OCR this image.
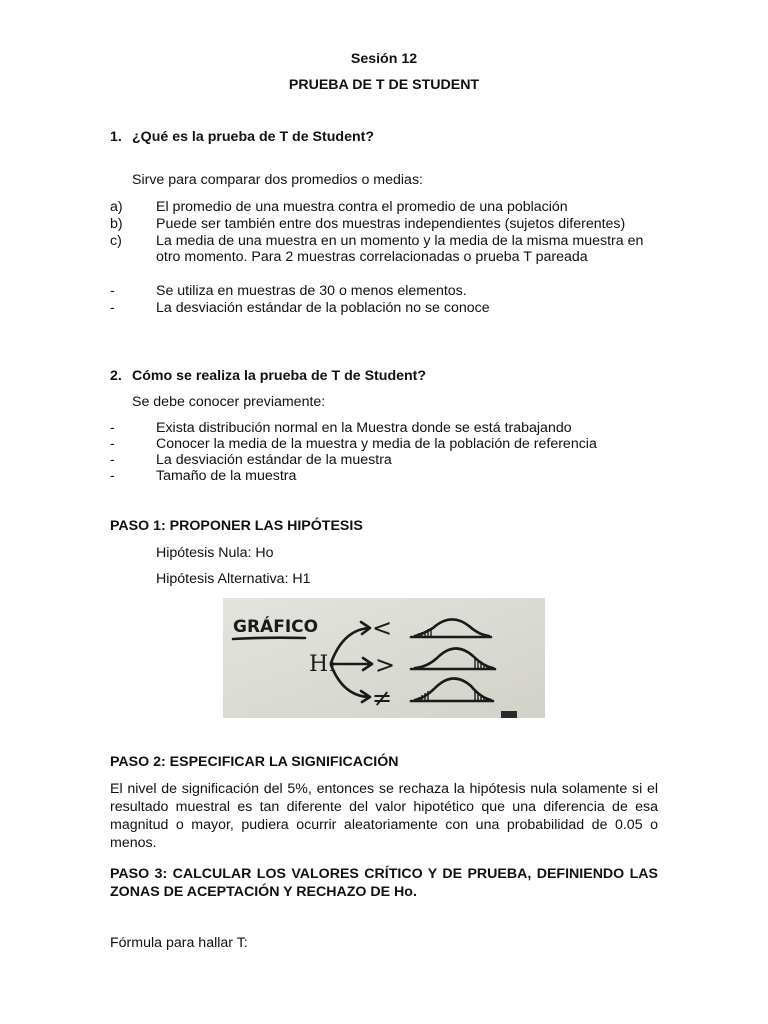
Sesión 12
PRUEBA DE T DE STUDENT
1. ¿Qué es la prueba de T de Student?
Sirve para comparar dos promedios o medias:
a) El promedio de una muestra contra el promedio de una población
b) Puede ser también entre dos muestras independientes (sujetos diferentes)
c) La media de una muestra en un momento y la media de la misma muestra en
otro momento. Para 2 muestras correlacionadas o prueba T pareada
-	Se utiliza en muestras de 30 o menos elementos.
-	La desviación estándar de la población no se conoce
2. Cómo se realiza la prueba de T de Student?
Se debe conocer previamente:
-	Exista distribución normal en la Muestra donde se está trabajando
-	Conocer la media de la muestra y media de la población de referencia
-	La desviación estándar de la muestra
-	Tamaño de la muestra
PASO 1: PROPONER LAS HIPÓTESIS
Hipótesis Nula: Ho
Hipótesis Alternativa: H1
GRÁFICO
H₁
<
>
≠
PASO 2: ESPECIFICAR LA SIGNIFICACIÓN
El nivel de significación del 5%, entonces se rechaza la hipótesis nula solamente si el resultado muestral es tan diferente del valor hipotético que una diferencia de esa magnitud o mayor, pudiera ocurrir aleatoriamente con una probabilidad de 0.05 o menos.
PASO 3: CALCULAR LOS VALORES CRÍTICO Y DE PRUEBA, DEFINIENDO LAS ZONAS DE ACEPTACIÓN Y RECHAZO DE Ho.
Fórmula para hallar T:
